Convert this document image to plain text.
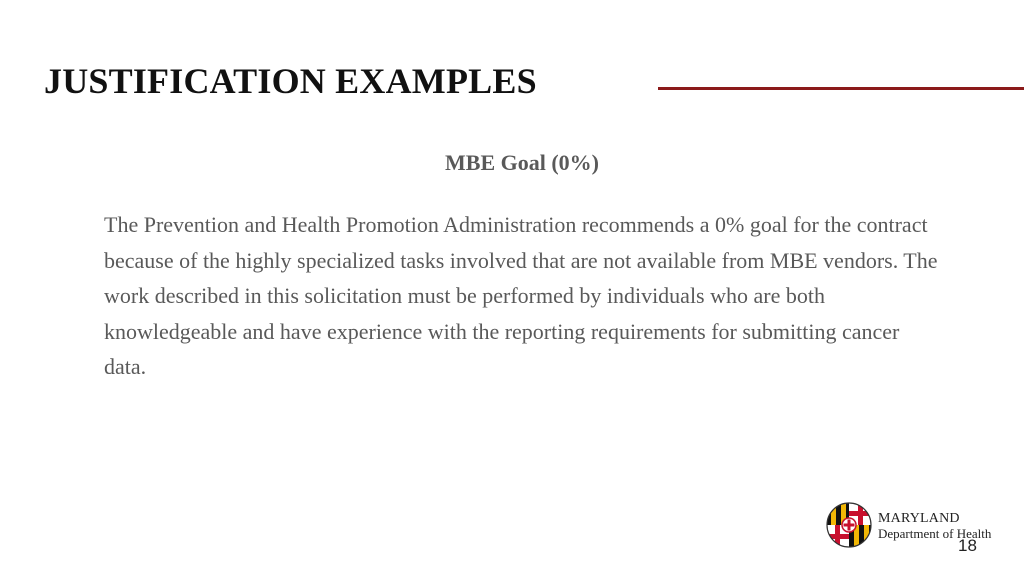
JUSTIFICATION EXAMPLES
MBE Goal (0%)
The Prevention and Health Promotion Administration recommends a 0% goal for the contract because of the highly specialized tasks involved that are not available from MBE vendors. The work described in this solicitation must be performed by individuals who are both knowledgeable and have experience with the reporting requirements for submitting cancer data.
MARYLAND
Department of Health
18
